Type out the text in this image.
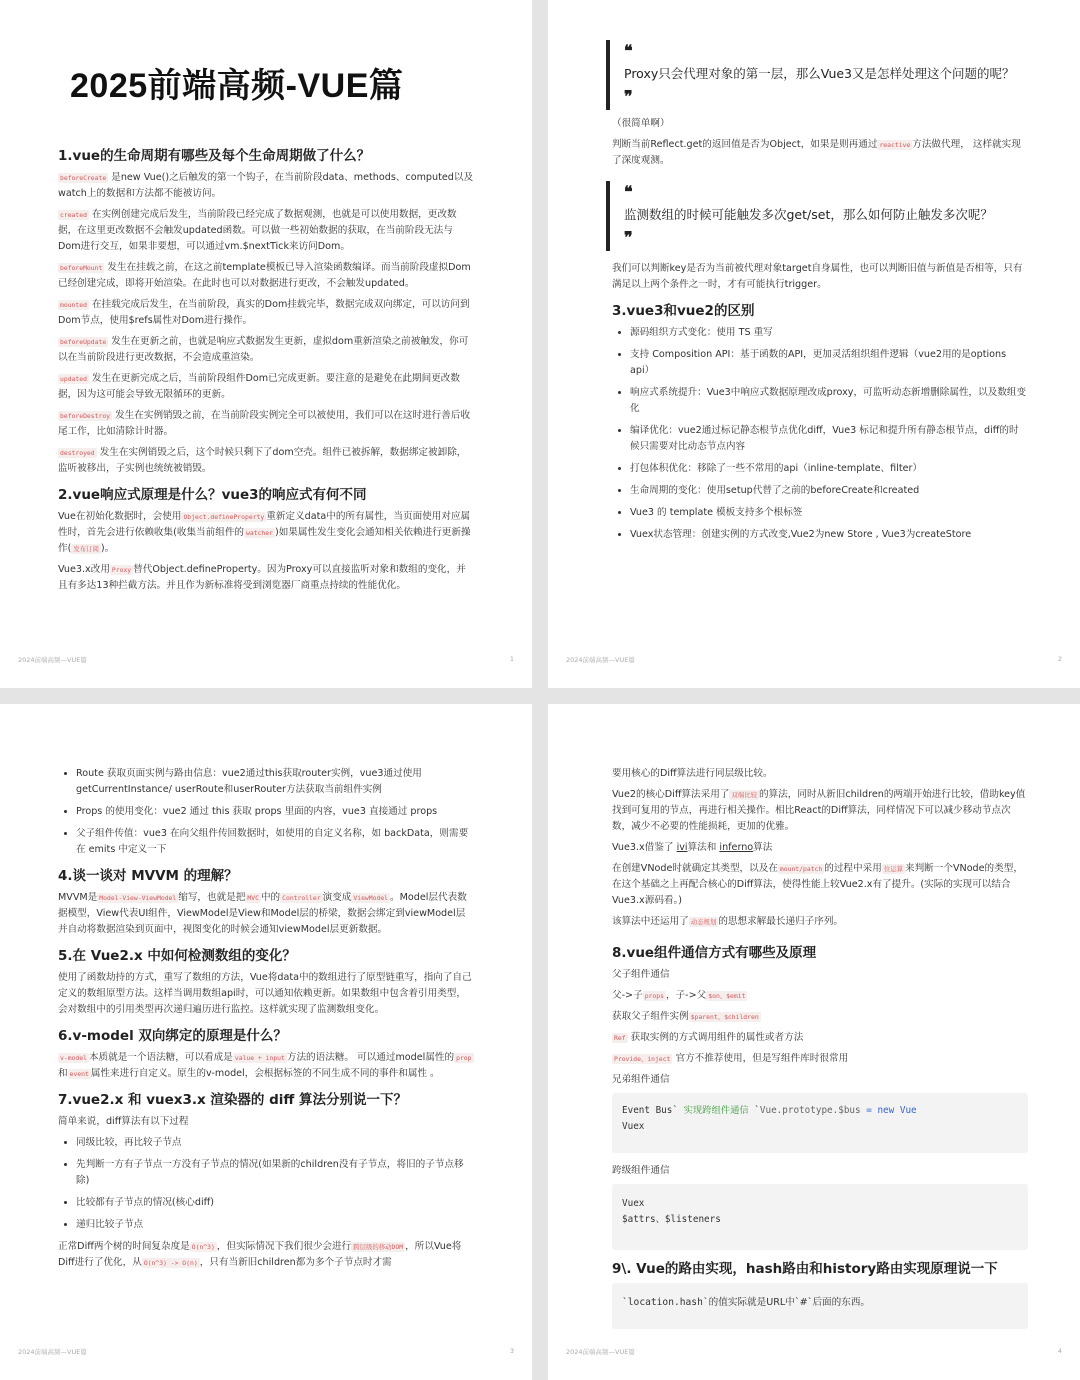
2025前端高频-VUE篇
1.vue的生命周期有哪些及每个生命周期做了什么？

beforeCreate 是new Vue()之后触发的第一个钩子，在当前阶段data、methods、computed以及watch上的数据和方法都不能被访问。

created 在实例创建完成后发生，当前阶段已经完成了数据观测，也就是可以使用数据，更改数据，在这里更改数据不会触发updated函数。可以做一些初始数据的获取，在当前阶段无法与Dom进行交互，如果非要想，可以通过vm.$nextTick来访问Dom。

beforeMount 发生在挂载之前，在这之前template模板已导入渲染函数编译。而当前阶段虚拟Dom已经创建完成，即将开始渲染。在此时也可以对数据进行更改，不会触发updated。

mounted 在挂载完成后发生，在当前阶段，真实的Dom挂载完毕，数据完成双向绑定，可以访问到Dom节点，使用$refs属性对Dom进行操作。

beforeUpdate 发生在更新之前，也就是响应式数据发生更新，虚拟dom重新渲染之前被触发，你可以在当前阶段进行更改数据，不会造成重渲染。

updated 发生在更新完成之后，当前阶段组件Dom已完成更新。要注意的是避免在此期间更改数据，因为这可能会导致无限循环的更新。

beforeDestroy 发生在实例销毁之前，在当前阶段实例完全可以被使用，我们可以在这时进行善后收尾工作，比如清除计时器。

destroyed 发生在实例销毁之后，这个时候只剩下了dom空壳。组件已被拆解，数据绑定被卸除，监听被移出，子实例也统统被销毁。

2.vue响应式原理是什么？vue3的响应式有何不同

Vue在初始化数据时，会使用 Object.defineProperty 重新定义data中的所有属性，当页面使用对应属性时，首先会进行依赖收集(收集当前组件的 watcher )如果属性发生变化会通知相关依赖进行更新操作( 发布订阅 )。

Vue3.x改用 Proxy 替代Object.defineProperty。因为Proxy可以直接监听对象和数组的变化，并且有多达13种拦截方法。并且作为新标准将受到浏览器厂商重点持续的性能优化。

2024前端高频—VUE篇	1
❝
Proxy只会代理对象的第一层，那么Vue3又是怎样处理这个问题的呢？
❞

（很简单啊）

判断当前Reflect.get的返回值是否为Object，如果是则再通过 reactive 方法做代理， 这样就实现了深度观测。

❝
监测数组的时候可能触发多次get/set，那么如何防止触发多次呢？
❞

我们可以判断key是否为当前被代理对象target自身属性，也可以判断旧值与新值是否相等，只有满足以上两个条件之一时，才有可能执行trigger。

3.vue3和vue2的区别
• 源码组织方式变化：使用 TS 重写
• 支持 Composition API：基于函数的API，更加灵活组织组件逻辑（vue2用的是options api）
• 响应式系统提升：Vue3中响应式数据原理改成proxy，可监听动态新增删除属性，以及数组变化
• 编译优化：vue2通过标记静态根节点优化diff，Vue3 标记和提升所有静态根节点，diff的时候只需要对比动态节点内容
• 打包体积优化：移除了一些不常用的api（inline-template、filter）
• 生命周期的变化：使用setup代替了之前的beforeCreate和created
• Vue3 的 template 模板支持多个根标签
• Vuex状态管理：创建实例的方式改变,Vue2为new Store , Vue3为createStore
2024前端高频—VUE篇	2
• Route 获取页面实例与路由信息：vue2通过this获取router实例，vue3通过使用 getCurrentInstance/ userRoute和userRouter方法获取当前组件实例
• Props 的使用变化：vue2 通过 this 获取 props 里面的内容，vue3 直接通过 props
• 父子组件传值：vue3 在向父组件传回数据时，如使用的自定义名称，如 backData，则需要在 emits 中定义一下
4.谈一谈对 MVVM 的理解？

MVVM是 Model-View-ViewModel 缩写，也就是把 MVC 中的 Controller 演变成 ViewModel 。Model层代表数据模型，View代表UI组件，ViewModel是View和Model层的桥梁，数据会绑定到viewModel层并自动将数据渲染到页面中，视图变化的时候会通知viewModel层更新数据。

5.在 Vue2.x 中如何检测数组的变化？

使用了函数劫持的方式，重写了数组的方法，Vue将data中的数组进行了原型链重写，指向了自己定义的数组原型方法。这样当调用数组api时，可以通知依赖更新。如果数组中包含着引用类型，会对数组中的引用类型再次递归遍历进行监控。这样就实现了监测数组变化。

6.v-model 双向绑定的原理是什么？

v-model 本质就是一个语法糖，可以看成是 value + input 方法的语法糖。 可以通过model属性的 prop和 event 属性来进行自定义。原生的v-model，会根据标签的不同生成不同的事件和属性 。

7.vue2.x 和 vuex3.x 渲染器的 diff 算法分别说一下？

简单来说，diff算法有以下过程

• 同级比较，再比较子节点
• 先判断一方有子节点一方没有子节点的情况(如果新的children没有子节点，将旧的子节点移除)
• 比较都有子节点的情况(核心diff)
• 递归比较子节点

正常Diff两个树的时间复杂度是 O(n^3) ，但实际情况下我们很少会进行 跨层级的移动DOM ，所以Vue将Diff进行了优化，从 O(n^3) -> O(n) ，只有当新旧children都为多个子节点时才需

2024前端高频—VUE篇	3

要用核心的Diff算法进行同层级比较。

Vue2的核心Diff算法采用了 双端比较 的算法，同时从新旧children的两端开始进行比较，借助key值找到可复用的节点，再进行相关操作。相比React的Diff算法，同样情况下可以减少移动节点次数，减少不必要的性能损耗，更加的优雅。

Vue3.x借鉴了 ivi算法和 inferno算法

在创建VNode时就确定其类型，以及在 mount/patch 的过程中采用 位运算 来判断一个VNode的类型，在这个基础之上再配合核心的Diff算法，使得性能上较Vue2.x有了提升。(实际的实现可以结合Vue3.x源码看。)

该算法中还运用了 动态规划 的思想求解最长递归子序列。

8.vue组件通信方式有哪些及原理

父子组件通信

父->子 props ，子->父 $on、$emit

获取父子组件实例 $parent、$children

Ref 获取实例的方式调用组件的属性或者方法

Provide、inject 官方不推荐使用，但是写组件库时很常用

兄弟组件通信

Event Bus` 实现跨组件通信 `Vue.prototype.$bus = new Vue
Vuex

跨级组件通信

Vuex
$attrs、$listeners
9\. Vue的路由实现，hash路由和history路由实现原理说一下
`location.hash`的值实际就是URL中`#`后面的东西。
2024前端高频—VUE篇	4
